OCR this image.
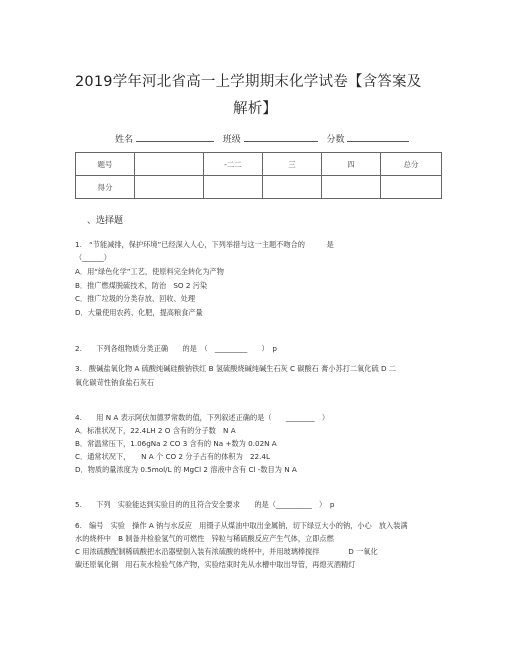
2019学年河北省高一上学期期末化学试卷【含答案及
解析】
姓名	班级	分数
题号		-二二	三	四	总分
得分					
、选择题
1.　“节能减排，保护环境”已经深入人心，下列举措与这一主题不吻合的　　　是
（______）
A．用“绿色化学”工艺，使原料完全转化为产物
B．推广燃煤脱硫技术，防治　SO 2 污染
C．推广垃圾的分类存放、回收、处理
D．大量使用农药、化肥，提高粮食产量
2.　　下列各组物质分类正确　　的是　（　_________　　）　p
3.　酸碱盐氧化物 A 硫酸纯碱硅酸钠铁红 B 氢硫酸烧碱纯碱生石灰 C 碳酸石 膏小苏打二氧化硫 D 二
氧化碳苛性钠食盐石灰石
4.　　用 N A 表示阿伏加德罗常数的值，下列叙述正确的是（　　________　）
A．标准状况下，22.4LH 2 O 含有的分子数　N A
B．常温常压下，1.06gNa 2 CO 3 含有的 Na +数为 0.02N A
C．通常状况下，　　N A 个 CO 2 分子占有的体积为　22.4L
D．物质的量浓度为 0.5mol/L 的 MgCl 2 溶液中含有 Cl -数目为 N A
5.　　下列　实验能达到实验目的的且符合安全要求　　的是（__________　）　p
6.　编号　实验　操作 A 钠与水反应　用镊子从煤油中取出金属钠，切下绿豆大小的钠，小心　放入装满
水的烧杯中　B 制备并检验氢气的可燃性　锌粒与稀硫酸反应产生气体，立即点燃
C 用浓硫酸配制稀硫酸把水沿器壁倒入装有浓硫酸的烧杯中，并用玻璃棒搅拌　　　　D 一氧化
碳还原氧化铜　用石灰水检验气体产物，实验结束时先从水槽中取出导管，再熄灭酒精灯
